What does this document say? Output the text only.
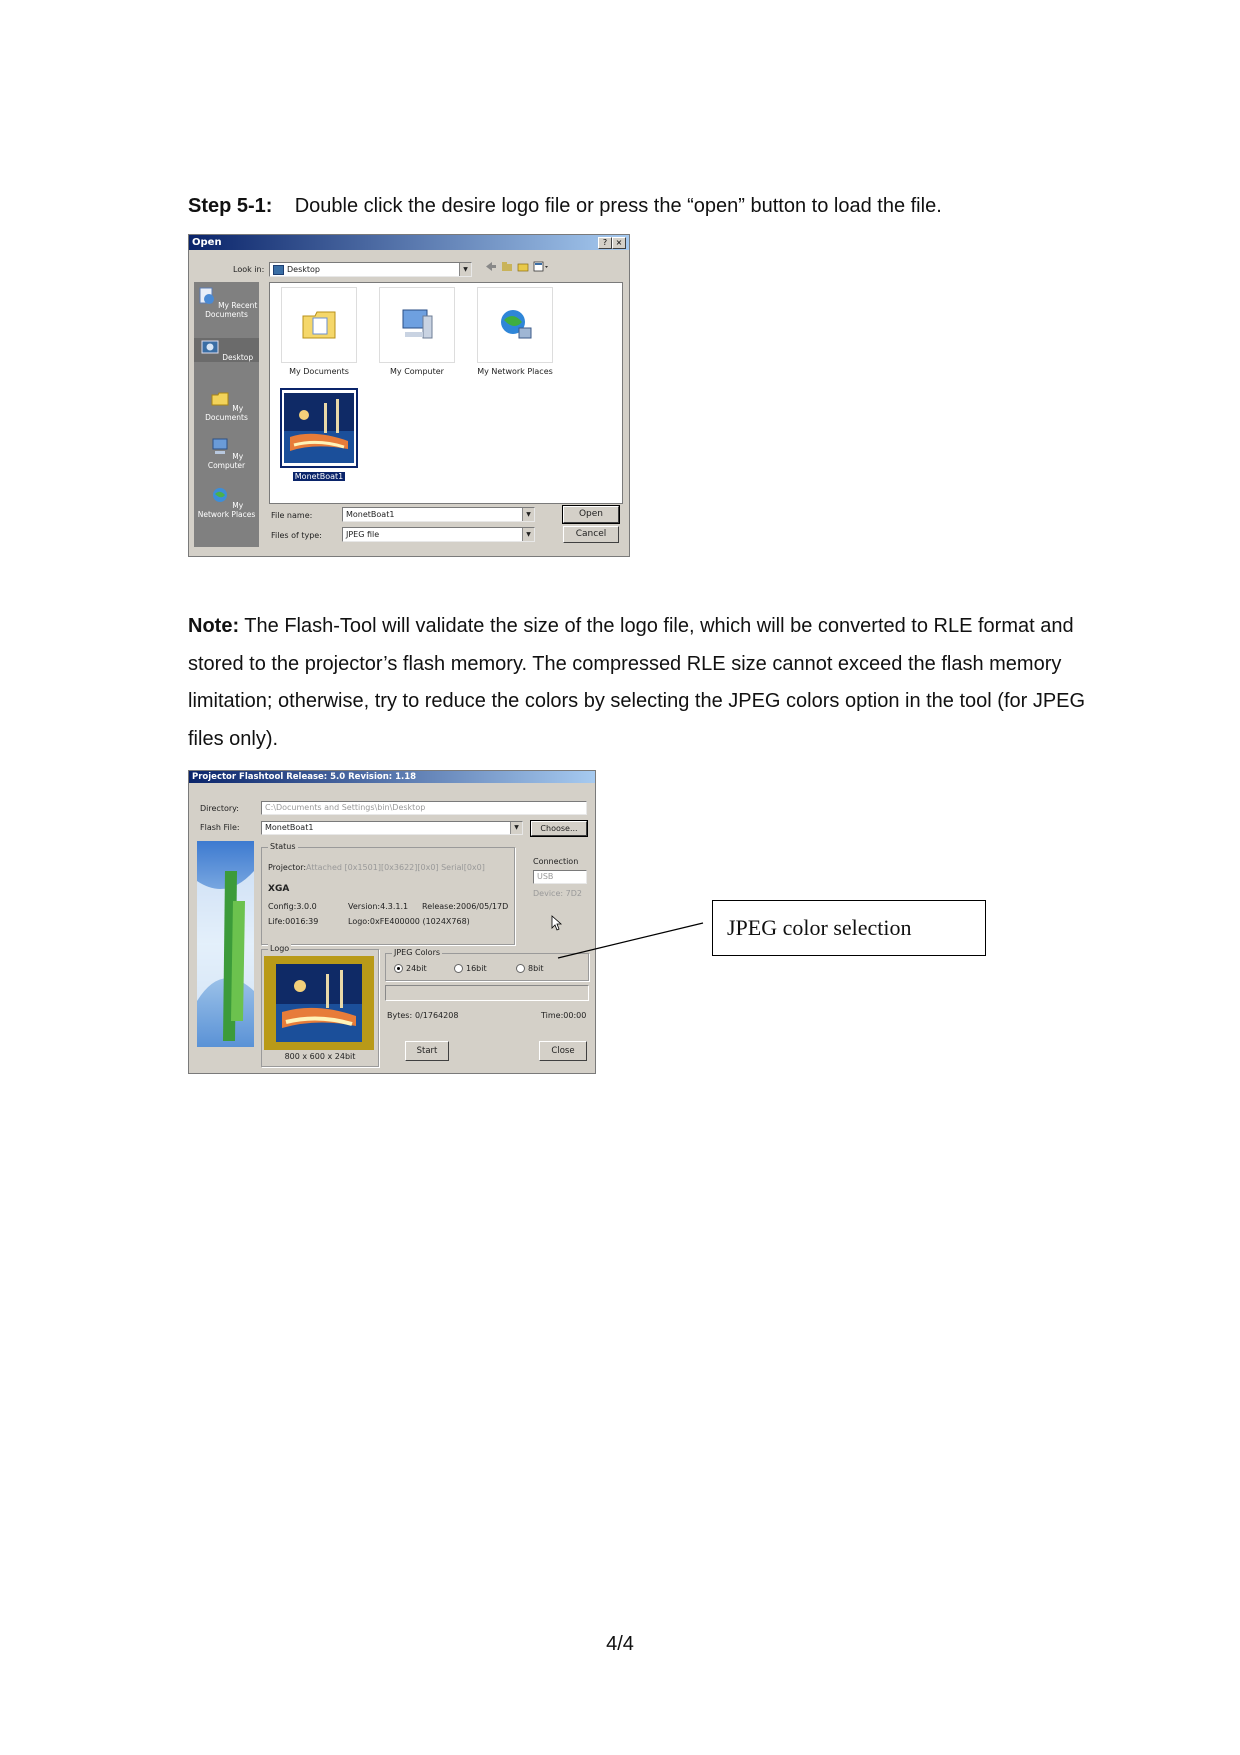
Step 5-1: Double click the desire logo file or press the “open” button to load the file.
Open	?	×
Look in:	Desktop	▼
My Recent Documents
Desktop
My Documents
My Computer
My Network Places
My Documents	My Computer	My Network Places
MonetBoat1
File name:	MonetBoat1	▼
Files of type:	JPEG file	▼
Open
Cancel
Note: The Flash-Tool will validate the size of the logo file, which will be converted to RLE format and stored to the projector’s flash memory. The compressed RLE size cannot exceed the flash memory limitation; otherwise, try to reduce the colors by selecting the JPEG colors option in the tool (for JPEG files only).
Projector Flashtool Release: 5.0 Revision: 1.18
Directory:	C:\Documents and Settings\bin\Desktop
Flash File:	MonetBoat1	▼	Choose...
Status
Projector: Attached [0x1501][0x3622][0x0] Serial[0x0]
XGA
Config:3.0.0	Version:4.3.1.1 Release:2006/05/17D
Life:0016:39	Logo:0xFE400000 (1024X768)
Connection
USB
Device: 7D2
Logo
800 x 600 x 24bit
JPEG Colors
24bit	16bit	8bit
Bytes: 0/1764208	Time:00:00
Start	Close
JPEG color selection
4/4
